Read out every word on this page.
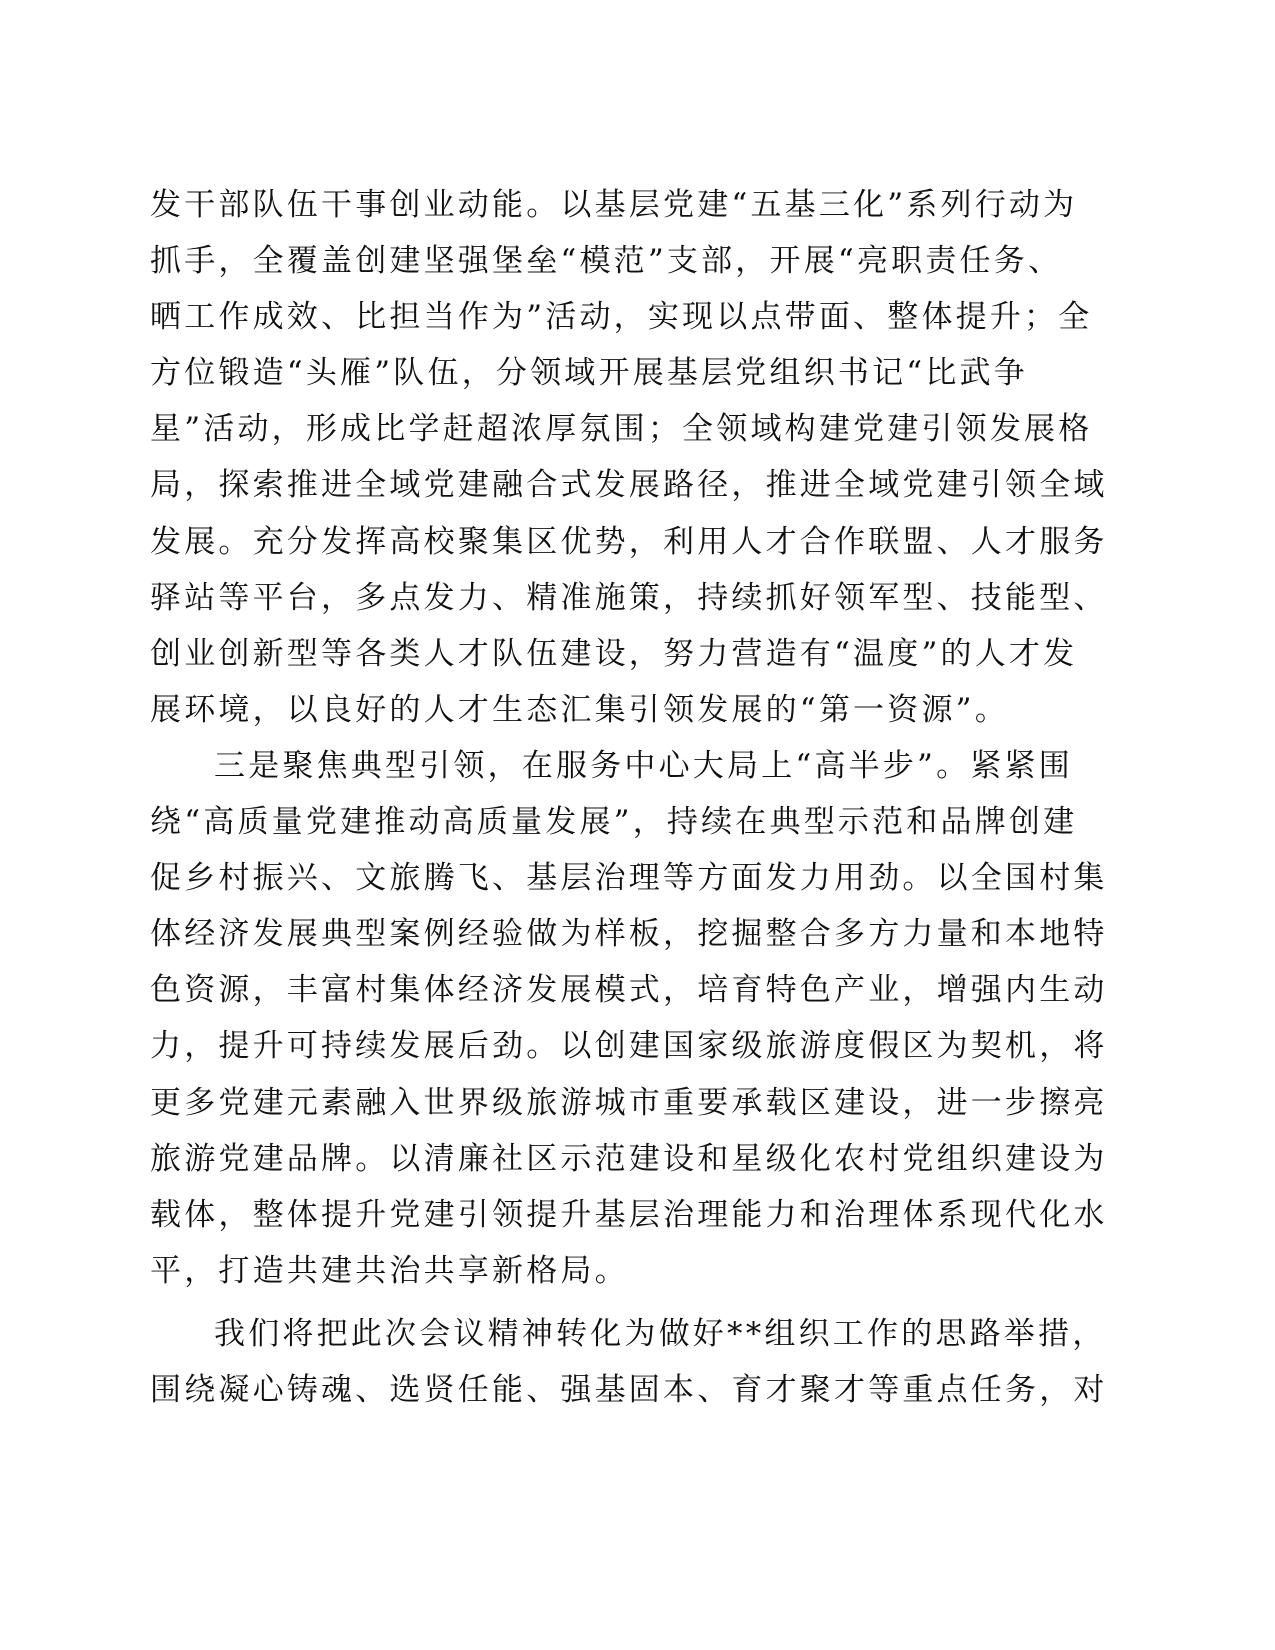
发干部队伍干事创业动能。以基层党建“五基三化”系列行动为
抓手，全覆盖创建坚强堡垒“模范”支部，开展“亮职责任务、
晒工作成效、比担当作为”活动，实现以点带面、整体提升；全
方位锻造“头雁”队伍，分领域开展基层党组织书记“比武争
星”活动，形成比学赶超浓厚氛围；全领域构建党建引领发展格
局，探索推进全域党建融合式发展路径，推进全域党建引领全域
发展。充分发挥高校聚集区优势，利用人才合作联盟、人才服务
驿站等平台，多点发力、精准施策，持续抓好领军型、技能型、
创业创新型等各类人才队伍建设，努力营造有“温度”的人才发
展环境，以良好的人才生态汇集引领发展的“第一资源”。
三是聚焦典型引领，在服务中心大局上“高半步”。紧紧围
绕“高质量党建推动高质量发展”，持续在典型示范和品牌创建
促乡村振兴、文旅腾飞、基层治理等方面发力用劲。以全国村集
体经济发展典型案例经验做为样板，挖掘整合多方力量和本地特
色资源，丰富村集体经济发展模式，培育特色产业，增强内生动
力，提升可持续发展后劲。以创建国家级旅游度假区为契机，将
更多党建元素融入世界级旅游城市重要承载区建设，进一步擦亮
旅游党建品牌。以清廉社区示范建设和星级化农村党组织建设为
载体，整体提升党建引领提升基层治理能力和治理体系现代化水
平，打造共建共治共享新格局。
我们将把此次会议精神转化为做好**组织工作的思路举措，
围绕凝心铸魂、选贤任能、强基固本、育才聚才等重点任务，对
